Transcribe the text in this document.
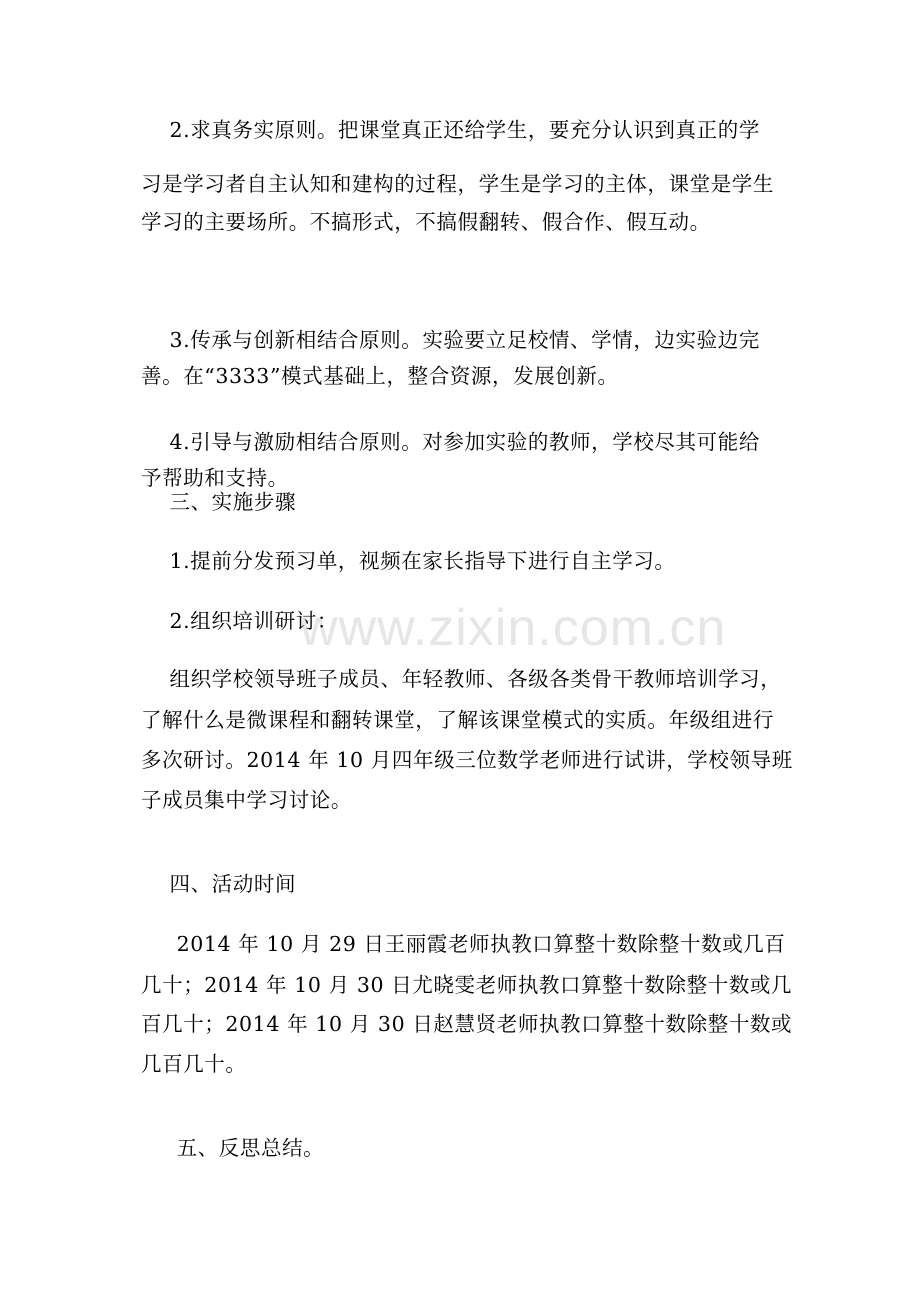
www.zixin.com.cn
2.求真务实原则。把课堂真正还给学生，要充分认识到真正的学
习是学习者自主认知和建构的过程，学生是学习的主体，课堂是学生
学习的主要场所。不搞形式，不搞假翻转、假合作、假互动。
3.传承与创新相结合原则。实验要立足校情、学情，边实验边完
善。在“3333”模式基础上，整合资源，发展创新。
4.引导与激励相结合原则。对参加实验的教师，学校尽其可能给
予帮助和支持。
三、实施步骤
1.提前分发预习单，视频在家长指导下进行自主学习。
2.组织培训研讨：
组织学校领导班子成员、年轻教师、各级各类骨干教师培训学习，
了解什么是微课程和翻转课堂，了解该课堂模式的实质。年级组进行
多次研讨。2014 年 10 月四年级三位数学老师进行试讲，学校领导班
子成员集中学习讨论。
四、活动时间
2014 年 10 月 29 日王丽霞老师执教口算整十数除整十数或几百
几十；2014 年 10 月 30 日尤晓雯老师执教口算整十数除整十数或几
百几十；2014 年 10 月 30 日赵慧贤老师执教口算整十数除整十数或
几百几十。
五、反思总结。
